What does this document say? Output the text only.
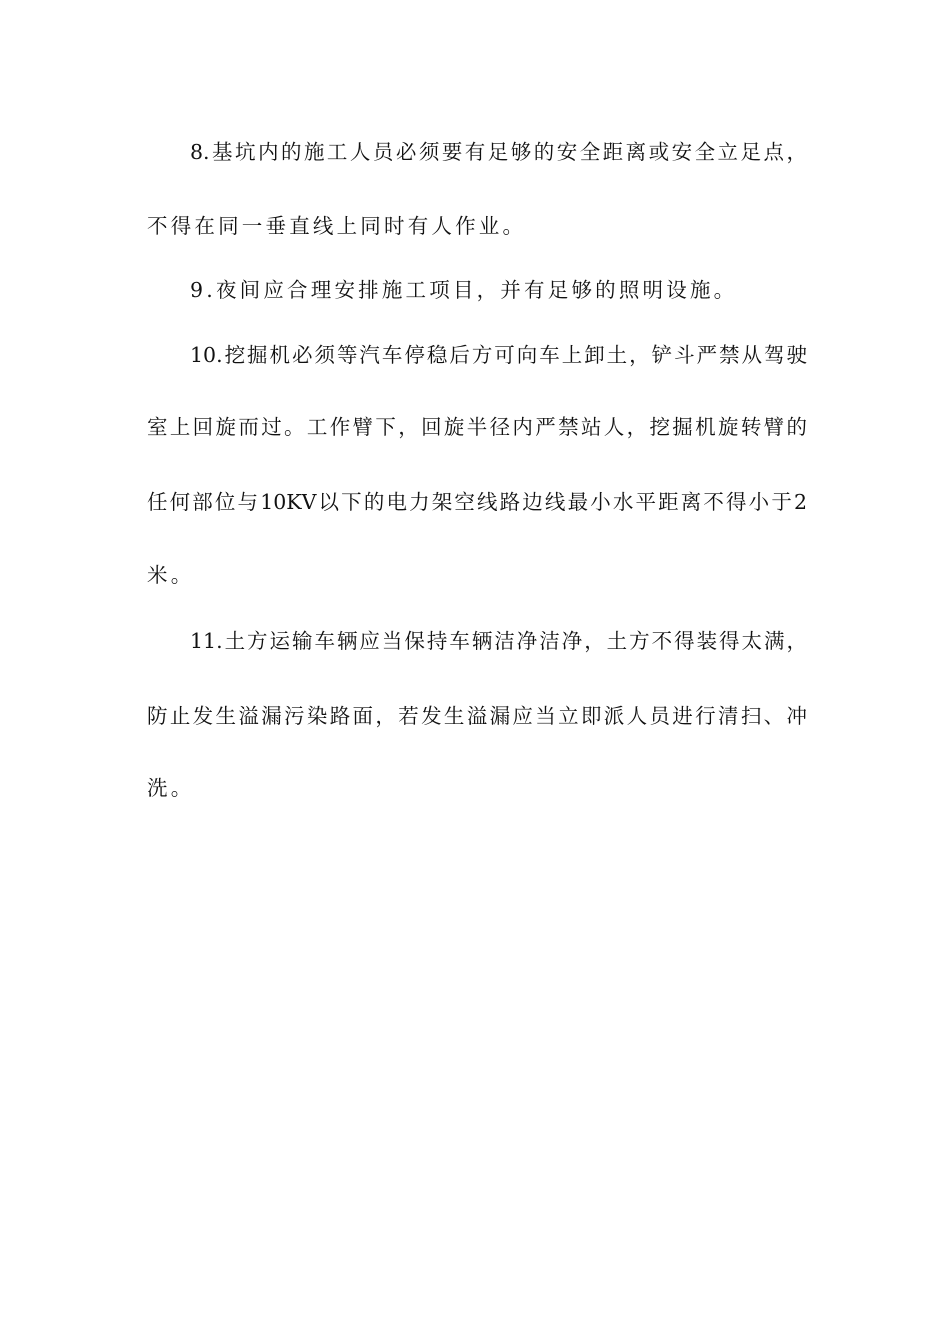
8.基坑内的施工人员必须要有足够的安全距离或安全立足点，
不得在同一垂直线上同时有人作业。
9.夜间应合理安排施工项目，并有足够的照明设施。
10.挖掘机必须等汽车停稳后方可向车上卸土，铲斗严禁从驾驶
室上回旋而过。工作臂下，回旋半径内严禁站人，挖掘机旋转臂的
任何部位与10KV以下的电力架空线路边线最小水平距离不得小于2
米。
11.土方运输车辆应当保持车辆洁净洁净，土方不得装得太满，
防止发生溢漏污染路面，若发生溢漏应当立即派人员进行清扫、冲
洗。
